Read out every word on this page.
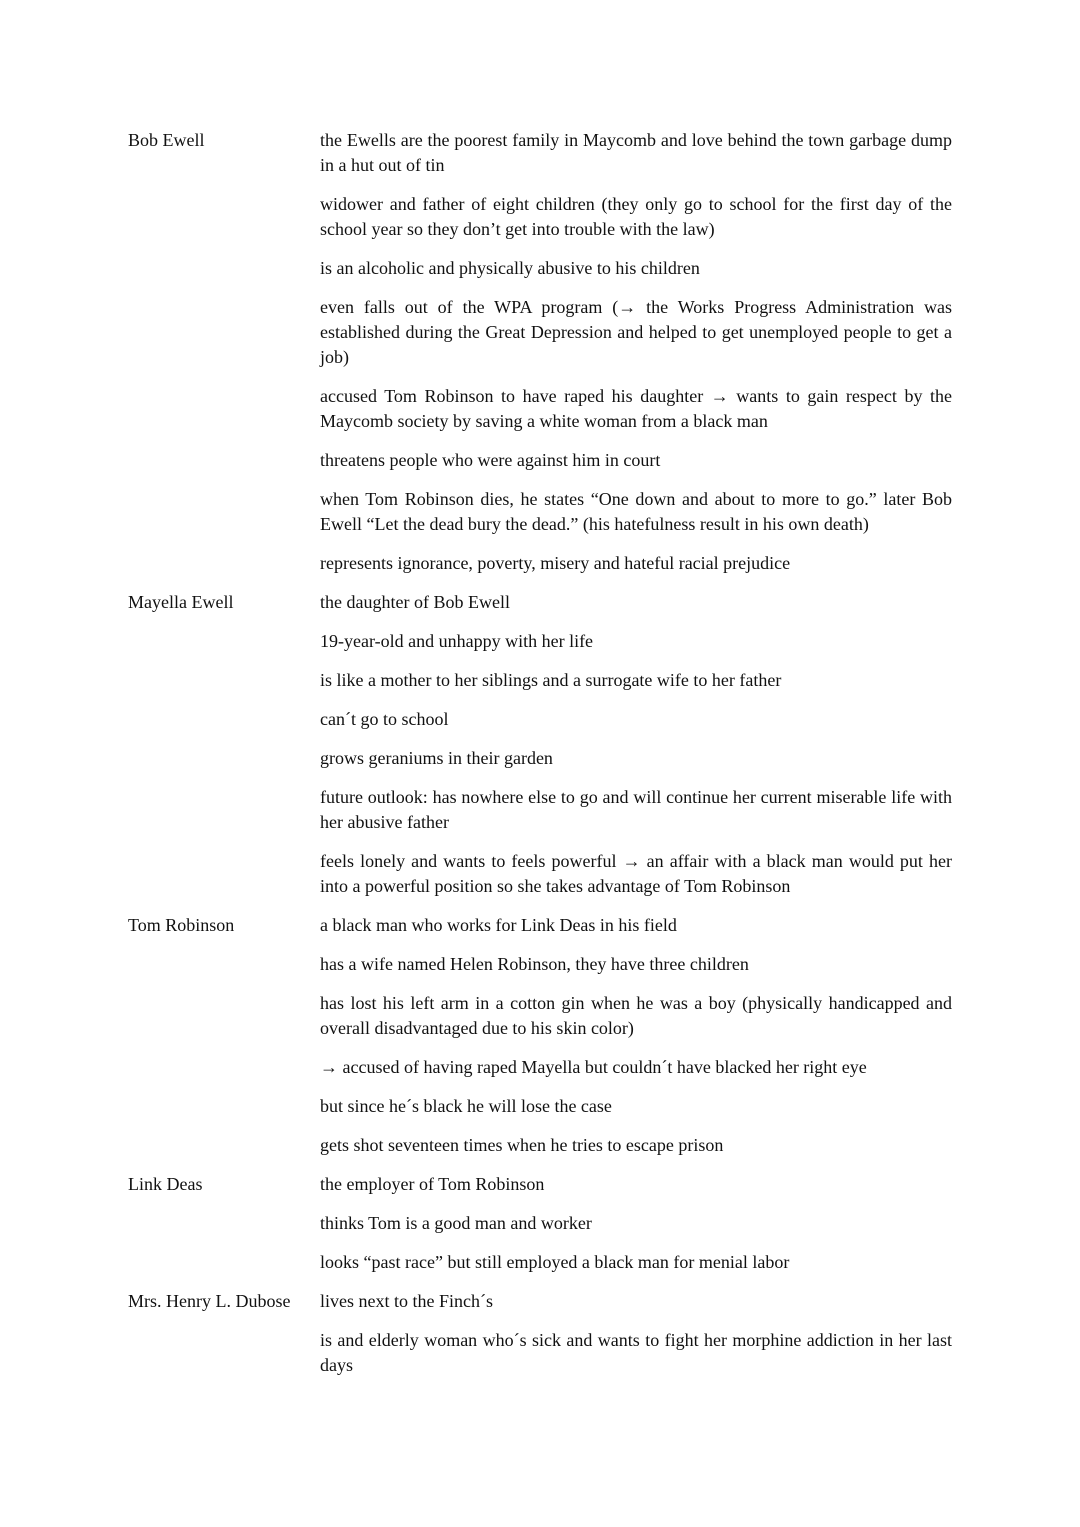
Bob Ewell	the Ewells are the poorest family in Maycomb and love behind the town garbage dump in a hut out of tin

widower and father of eight children (they only go to school for the first day of the school year so they don’t get into trouble with the law)

is an alcoholic and physically abusive to his children

even falls out of the WPA program (→ the Works Progress Administration was established during the Great Depression and helped to get unemployed people to get a job)

accused Tom Robinson to have raped his daughter → wants to gain respect by the Maycomb society by saving a white woman from a black man

threatens people who were against him in court

when Tom Robinson dies, he states “One down and about to more to go.” later Bob Ewell “Let the dead bury the dead.” (his hatefulness result in his own death)

represents ignorance, poverty, misery and hateful racial prejudice

Mayella Ewell	the daughter of Bob Ewell

19-year-old and unhappy with her life

is like a mother to her siblings and a surrogate wife to her father

can´t go to school

grows geraniums in their garden

future outlook: has nowhere else to go and will continue her current miserable life with her abusive father

feels lonely and wants to feels powerful → an affair with a black man would put her into a powerful position so she takes advantage of Tom Robinson

Tom Robinson	a black man who works for Link Deas in his field

has a wife named Helen Robinson, they have three children

has lost his left arm in a cotton gin when he was a boy (physically handicapped and overall disadvantaged due to his skin color)

→ accused of having raped Mayella but couldn´t have blacked her right eye

but since he´s black he will lose the case

gets shot seventeen times when he tries to escape prison

Link Deas	the employer of Tom Robinson

thinks Tom is a good man and worker

looks “past race” but still employed a black man for menial labor

Mrs. Henry L. Dubose	lives next to the Finch´s

is and elderly woman who´s sick and wants to fight her morphine addiction in her last days
